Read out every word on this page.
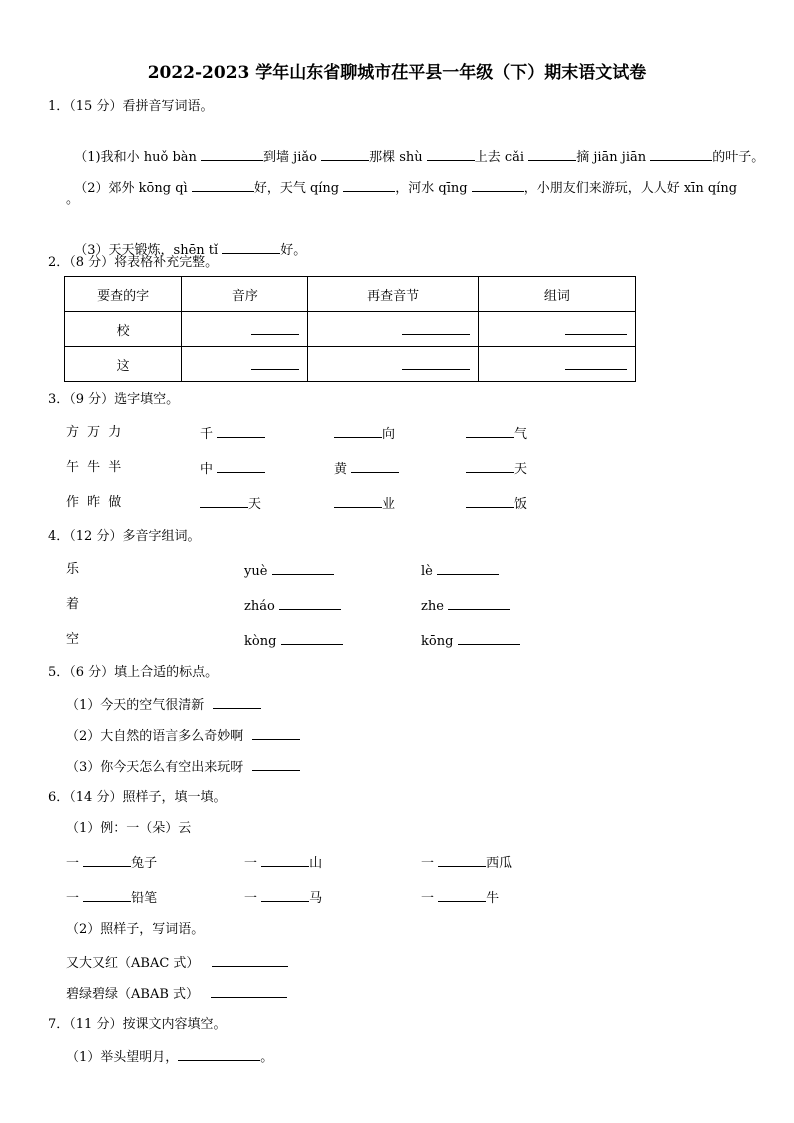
2022-2023 学年山东省聊城市茌平县一年级（下）期末语文试卷
1．（15 分）看拼音写词语。

（1)我和小 huǒ bàn	到墙 jiǎo	那棵 shù	上去 cǎi	摘 jiān jiān	的叶子。

（2）郊外 kōng qì	好，天气 qíng	，河水 qīng	，小朋友们来游玩，人人好 xīn qíng

。

（3）天天锻炼，shēn tǐ	好。

2．（8 分）将表格补充完整。
要查的字	音序	再查音节	组词
校			
这			
3．（9 分）选字填空。
方 万 力	千	向	气
午 牛 半	中	黄	天
作 昨 做	天	业	饭
4．（12 分）多音字组词。
乐	yuè	lè
着	zháo	zhe
空	kòng	kōng
5．（6 分）填上合适的标点。
（1）今天的空气很清新
（2）大自然的语言多么奇妙啊
（3）你今天怎么有空出来玩呀
6．（14 分）照样子，填一填。
（1）例：一（朵）云
一	兔子	一	山	一	西瓜
一	铅笔	一	马	一	牛
（2）照样子，写词语。
又大又红（ABAC 式）
碧绿碧绿（ABAB 式）
7．（11 分）按课文内容填空。
（1）举头望明月，	。
